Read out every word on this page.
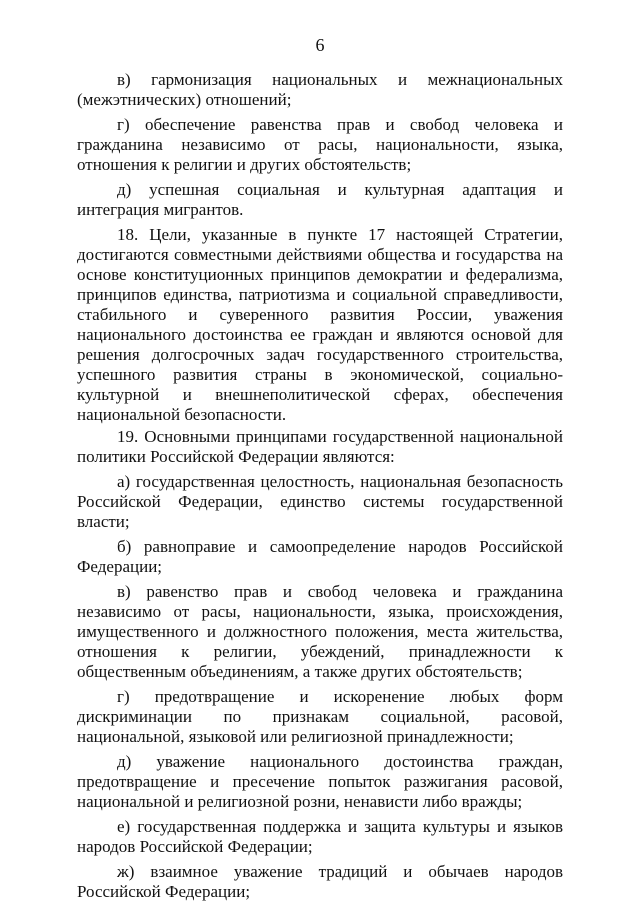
6

в) гармонизация национальных и межнациональных (межэтнических) отношений;

г) обеспечение равенства прав и свобод человека и гражданина независимо от расы, национальности, языка, отношения к религии и других обстоятельств;

д) успешная социальная и культурная адаптация и интеграция мигрантов.

18. Цели, указанные в пункте 17 настоящей Стратегии, достигаются совместными действиями общества и государства на основе конституционных принципов демократии и федерализма, принципов единства, патриотизма и социальной справедливости, стабильного и суверенного развития России, уважения национального достоинства ее граждан и являются основой для решения долгосрочных задач государственного строительства, успешного развития страны в экономической, социально-культурной и внешнеполитической сферах, обеспечения национальной безопасности.

19. Основными принципами государственной национальной политики Российской Федерации являются:

а) государственная целостность, национальная безопасность Российской Федерации, единство системы государственной власти;

б) равноправие и самоопределение народов Российской Федерации;

в) равенство прав и свобод человека и гражданина независимо от расы, национальности, языка, происхождения, имущественного и должностного положения, места жительства, отношения к религии, убеждений, принадлежности к общественным объединениям, а также других обстоятельств;

г) предотвращение и искоренение любых форм дискриминации по признакам социальной, расовой, национальной, языковой или религиозной принадлежности;

д) уважение национального достоинства граждан, предотвращение и пресечение попыток разжигания расовой, национальной и религиозной розни, ненависти либо вражды;

е) государственная поддержка и защита культуры и языков народов Российской Федерации;

ж) взаимное уважение традиций и обычаев народов Российской Федерации;
